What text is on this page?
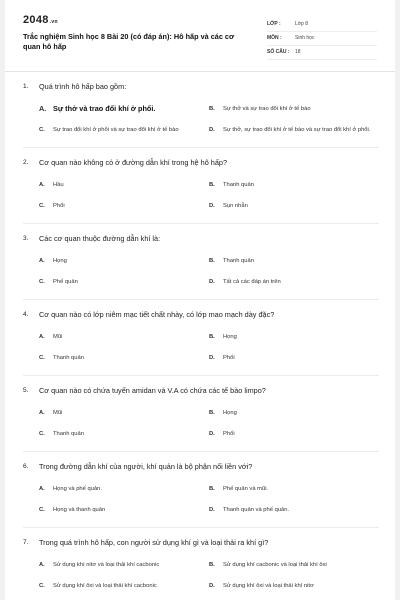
2048.vn
Trắc nghiệm Sinh học 8 Bài 20 (có đáp án): Hô hấp và các cơ quan hô hấp
LỚP :	Lớp 8
MÔN :	Sinh học
SỐ CÂU :	18
1.	Quá trình hô hấp bao gồm:
A. Sự thở và trao đổi khí ở phổi.	B.	Sự thở và sự trao đổi khí ở tế bào
C.	Sự trao đổi khí ở phổi và sự trao đổi khí ở tế bào	D.	Sự thở, sự trao đổi khí ở tế bào và sự trao đổi khí ở phổi.
2.	Cơ quan nào không có ở đường dẫn khí trong hệ hô hấp?
A.	Hầu	B.	Thanh quản
C.	Phổi	D.	Sụn nhẫn
3.	Các cơ quan thuộc đường dẫn khí là:
A.	Họng	B.	Thanh quản
C.	Phế quản	D.	Tất cả các đáp án trên
4.	Cơ quan nào có lớp niêm mạc tiết chất nhày, có lớp mao mạch dày đặc?
A.	Mũi	B.	Họng
C.	Thanh quản	D.	Phổi
5.	Cơ quan nào có chứa tuyến amidan và V.A có chứa các tế bào limpo?
A.	Mũi	B.	Họng
C.	Thanh quản	D.	Phổi
6.	Trong đường dẫn khí của người, khí quản là bộ phận nối liền với?
A.	Họng và phế quản.	B.	Phế quản và mũi.
C.	Họng và thanh quản	D.	Thanh quản và phế quản.
7.	Trong quá trình hô hấp, con người sử dụng khí gì và loại thải ra khí gì?
A.	Sử dụng khí nitơ và loại thải khí cacbonic	B.	Sử dụng khí cacbonic và loại thải khí ôxi
C.	Sử dụng khí ôxi và loại thải khí cacbonic	D.	Sử dụng khí ôxi và loại thải khí nitơ
